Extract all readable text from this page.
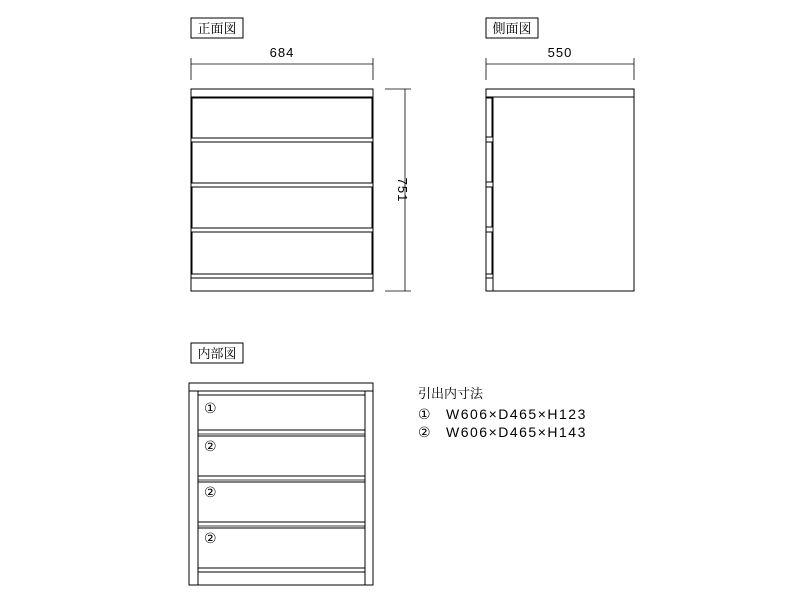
正面図
684
751
側面図
550
内部図
①
②
②
②
引出内寸法
① W606×D465×H123
② W606×D465×H143
